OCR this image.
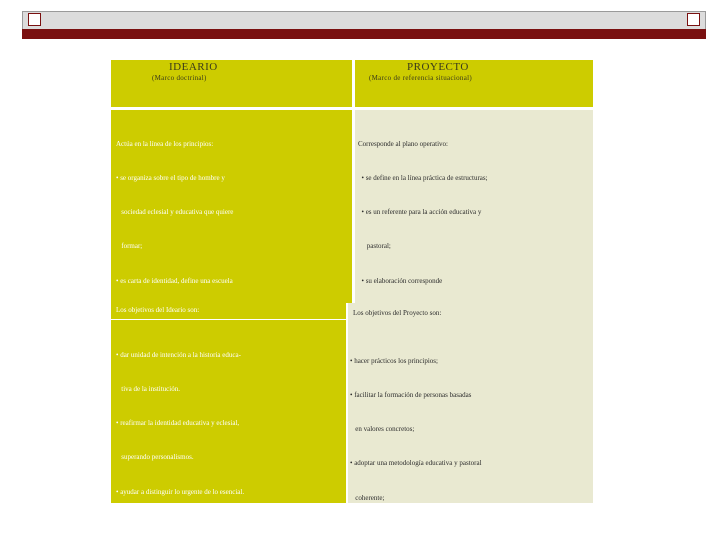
IDEARIO
(Marco doctrinal)
PROYECTO
(Marco de referencia situacional)

Actúa en la línea de los principios:

• se organiza sobre el tipo de hombre y

sociedad eclesial y educativa que quiere

formar;

• es carta de identidad, define una escuela

Corresponde al plano operativo:

• se define en la línea práctica de estructuras;

• es un referente para la acción educativa y

pastoral;

• su elaboración corresponde

Los objetivos del Ideario son:

• dar unidad de intención a la historia educa-

tiva de la institución.

• reafirmar la identidad educativa y eclesial,

superando personalismos.

• ayudar a distinguir lo urgente de lo esencial.

Los objetivos del Proyecto son:

• hacer prácticos los principios;

• facilitar la formación de personas basadas

en valores concretos;

• adoptar una metodología educativa y pastoral

coherente;
